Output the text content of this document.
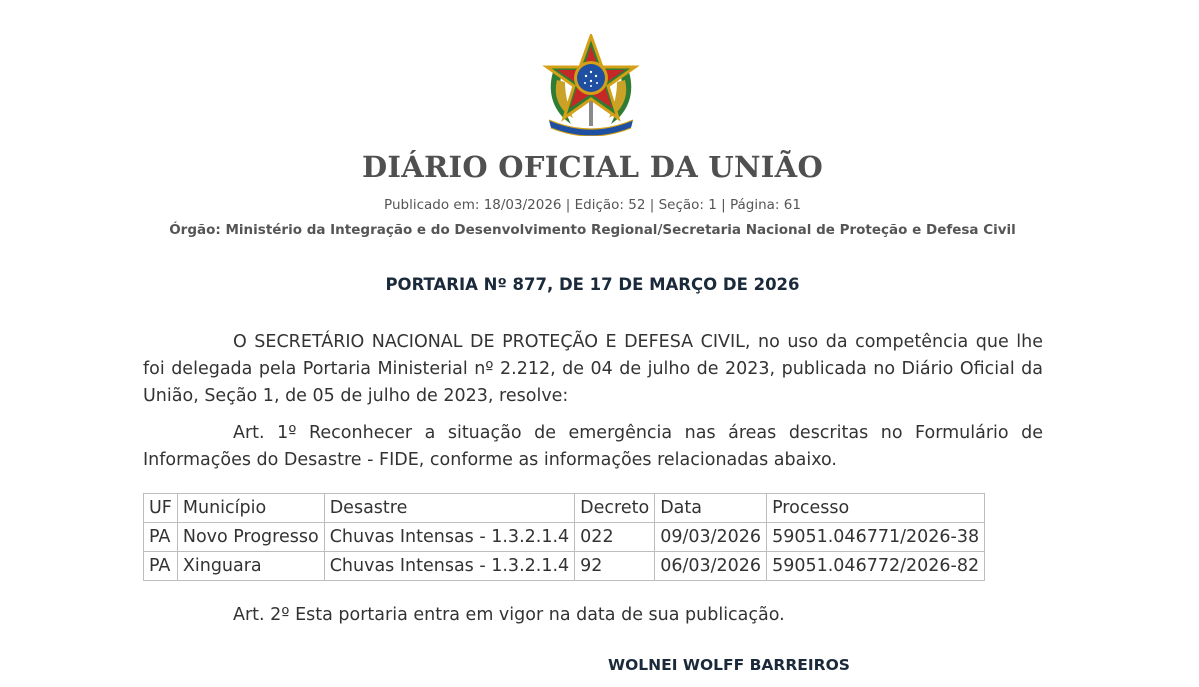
DIÁRIO OFICIAL DA UNIÃO
Publicado em: 18/03/2026 | Edição: 52 | Seção: 1 | Página: 61
Órgão: Ministério da Integração e do Desenvolvimento Regional/Secretaria Nacional de Proteção e Defesa Civil
PORTARIA Nº 877, DE 17 DE MARÇO DE 2026

O SECRETÁRIO NACIONAL DE PROTEÇÃO E DEFESA CIVIL, no uso da competência que lhe foi delegada pela Portaria Ministerial nº 2.212, de 04 de julho de 2023, publicada no Diário Oficial da União, Seção 1, de 05 de julho de 2023, resolve:

Art. 1º Reconhecer a situação de emergência nas áreas descritas no Formulário de Informações do Desastre - FIDE, conforme as informações relacionadas abaixo.

UF	Município	Desastre	Decreto	Data	Processo
PA	Novo Progresso	Chuvas Intensas - 1.3.2.1.4	022	09/03/2026	59051.046771/2026-38
PA	Xinguara	Chuvas Intensas - 1.3.2.1.4	92	06/03/2026	59051.046772/2026-82

Art. 2º Esta portaria entra em vigor na data de sua publicação.

WOLNEI WOLFF BARREIROS
